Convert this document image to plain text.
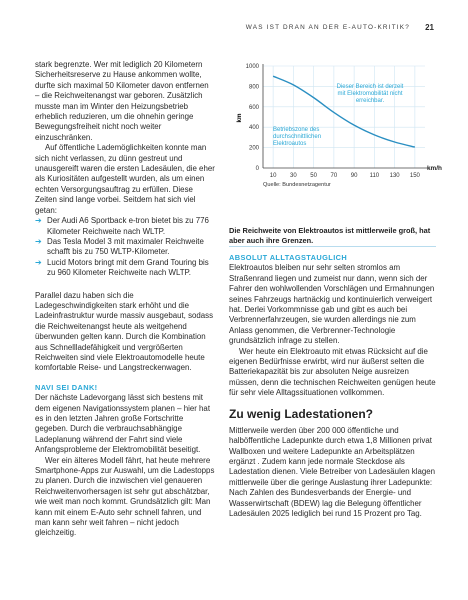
WAS IST DRAN AN DER E-AUTO-KRITIK? 21

stark begrenzte. Wer mit lediglich 20 Kilometern Sicherheitsreserve zu Hause ankommen wollte, durfte sich maximal 50 Kilometer davon entfernen – die Reichweitenangst war geboren. Zusätzlich musste man im Winter den Heizungsbetrieb erheblich reduzieren, um die ohnehin geringe Bewegungsfreiheit nicht noch weiter einzuschränken.

Auf öffentliche Lademöglichkeiten konnte man sich nicht verlassen, zu dünn gestreut und unausgereift waren die ersten Ladesäulen, die eher als Kuriositäten aufgestellt wurden, als um einen echten Versorgungsauftrag zu erfüllen. Diese Zeiten sind lange vorbei. Seitdem hat sich viel getan:

➔ Der Audi A6 Sportback e-tron bietet bis zu 776 Kilometer Reichweite nach WLTP.
➔ Das Tesla Model 3 mit maximaler Reichweite schafft bis zu 750 WLTP-Kilometer.
➔ Lucid Motors bringt mit dem Grand Touring bis zu 960 Kilometer Reichweite nach WLTP.

Parallel dazu haben sich die Ladegeschwindigkeiten stark erhöht und die Ladeinfrastruktur wurde massiv ausgebaut, sodass die Reichweitenangst heute als weitgehend überwunden gelten kann. Durch die Kombination aus Schnellladefähigkeit und vergrößerten Reichweiten sind viele Elektroautomodelle heute komfortable Reise- und Langstreckenwagen.

NAVI SEI DANK!

Der nächste Ladevorgang lässt sich bestens mit dem eigenen Navigationssystem planen – hier hat es in den letzten Jahren große Fortschritte gegeben. Durch die verbrauchsabhängige Ladeplanung während der Fahrt sind viele Anfangsprobleme der Elektromobilität beseitigt.

Wer ein älteres Modell fährt, hat heute mehrere Smartphone-Apps zur Auswahl, um die Ladestopps zu planen. Durch die inzwischen viel genaueren Reichweitenvorhersagen ist sehr gut abschätzbar, wie weit man noch kommt. Grundsätzlich gilt: Man kann mit einem E-Auto sehr schnell fahren, und man kann sehr weit fahren – nicht jedoch gleichzeitig.

0
200
400
600
800
1000
10 30 50 70 90 110 130 150
Dieser Bereich ist derzeit mit Elektromobilität nicht erreichbar.
Betriebszone des durchschnittlichen Elektroautos
km
km/h
Quelle: Bundesnetzagentur
Die Reichweite von Elektroautos ist mittlerweile groß, hat aber auch ihre Grenzen.

ABSOLUT ALLTAGSTAUGLICH

Elektroautos bleiben nur sehr selten stromlos am Straßenrand liegen und zumeist nur dann, wenn sich der Fahrer den wohlwollenden Vorschlägen und Ermahnungen seines Fahrzeugs hartnäckig und kontinuierlich verweigert hat. Derlei Vorkommnisse gab und gibt es auch bei Verbrennerfahrzeugen, sie wurden allerdings nie zum Anlass genommen, die Verbrenner-Technologie grundsätzlich infrage zu stellen.

Wer heute ein Elektroauto mit etwas Rücksicht auf die eigenen Bedürfnisse erwirbt, wird nur äußerst selten die Batteriekapazität bis zur absoluten Neige ausreizen müssen, denn die technischen Reichweiten genügen heute für sehr viele Alltagssituationen vollkommen.

Zu wenig Ladestationen?

Mittlerweile werden über 200 000 öffentliche und halböffentliche Ladepunkte durch etwa 1,8 Millionen privat Wallboxen und weitere Ladepunkte an Arbeitsplätzen ergänzt . Zudem kann jede normale Steckdose als Ladestation dienen. Viele Betreiber von Ladesäulen klagen mittlerweile über die geringe Auslastung ihrer Ladepunkte: Nach Zahlen des Bundesverbands der Energie- und Wasserwirtschaft (BDEW) lag die Belegung öffentlicher Ladesäulen 2025 lediglich bei rund 15 Prozent pro Tag.
